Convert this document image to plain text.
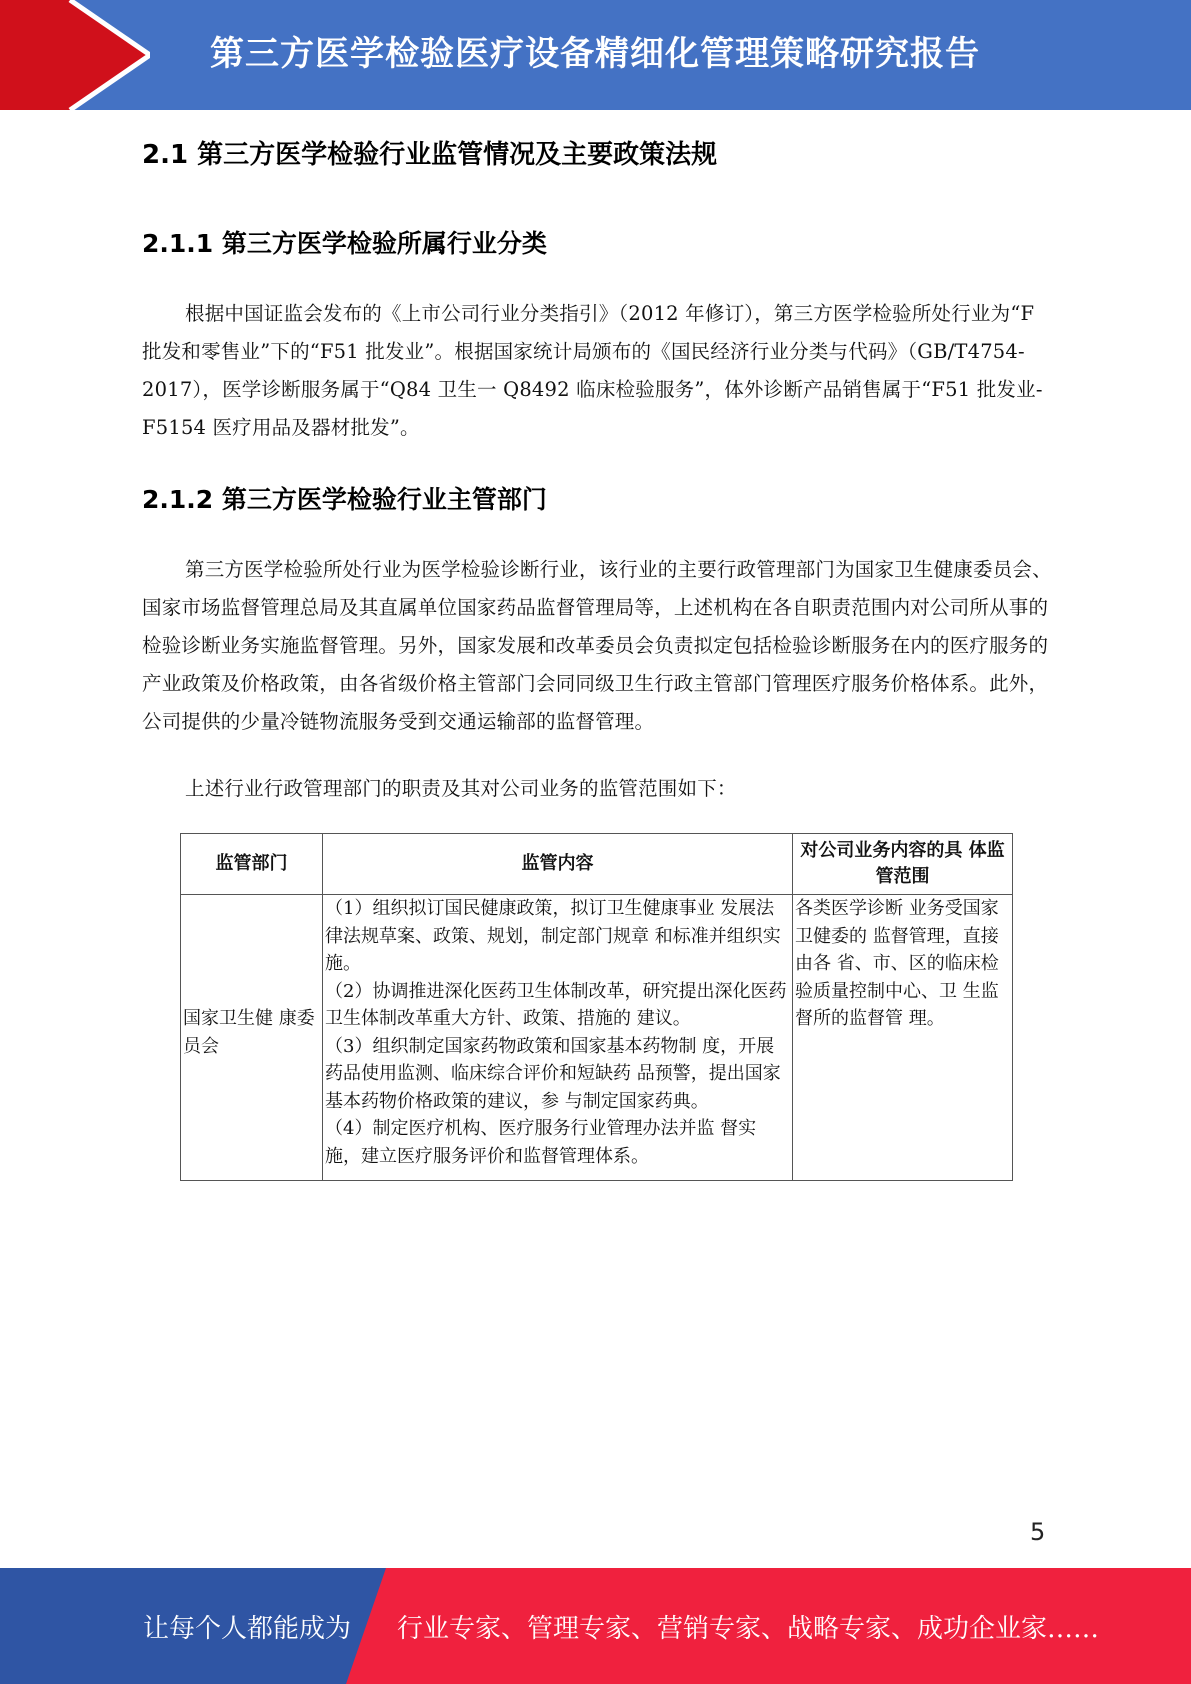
第三方医学检验医疗设备精细化管理策略研究报告
2.1 第三方医学检验行业监管情况及主要政策法规
2.1.1 第三方医学检验所属行业分类

根据中国证监会发布的《上市公司行业分类指引》（2012 年修订），第三方医学检验所处行业为“F 批发和零售业”下的“F51 批发业”。根据国家统计局颁布的《国民经济行业分类与代码》（GB/T4754-2017），医学诊断服务属于“Q84 卫生一 Q8492 临床检验服务”，体外诊断产品销售属于“F51 批发业-F5154 医疗用品及器材批发”。

2.1.2 第三方医学检验行业主管部门

第三方医学检验所处行业为医学检验诊断行业，该行业的主要行政管理部门为国家卫生健康委员会、国家市场监督管理总局及其直属单位国家药品监督管理局等，上述机构在各自职责范围内对公司所从事的检验诊断业务实施监督管理。另外，国家发展和改革委员会负责拟定包括检验诊断服务在内的医疗服务的产业政策及价格政策，由各省级价格主管部门会同同级卫生行政主管部门管理医疗服务价格体系。此外，公司提供的少量冷链物流服务受到交通运输部的监督管理。

上述行业行政管理部门的职责及其对公司业务的监管范围如下：

监管部门	监管内容	对公司业务内容的具 体监管范围
国家卫生健 康委员会	（1）组织拟订国民健康政策，拟订卫生健康事业 发展法律法规草案、政策、规划，制定部门规章 和标准并组织实施。
（2）协调推进深化医药卫生体制改革，研究提出深化医药卫生体制改革重大方针、政策、措施的 建议。
（3）组织制定国家药物政策和国家基本药物制 度，开展药品使用监测、临床综合评价和短缺药 品预警，提出国家基本药物价格政策的建议，参 与制定国家药典。
（4）制定医疗机构、医疗服务行业管理办法并监 督实施，建立医疗服务评价和监督管理体系。	各类医学诊断 业务受国家卫健委的 监督管理，直接由各 省、市、区的临床检验质量控制中心、卫 生监督所的监督管 理。
5
让每个人都能成为 行业专家、管理专家、营销专家、战略专家、成功企业家……
